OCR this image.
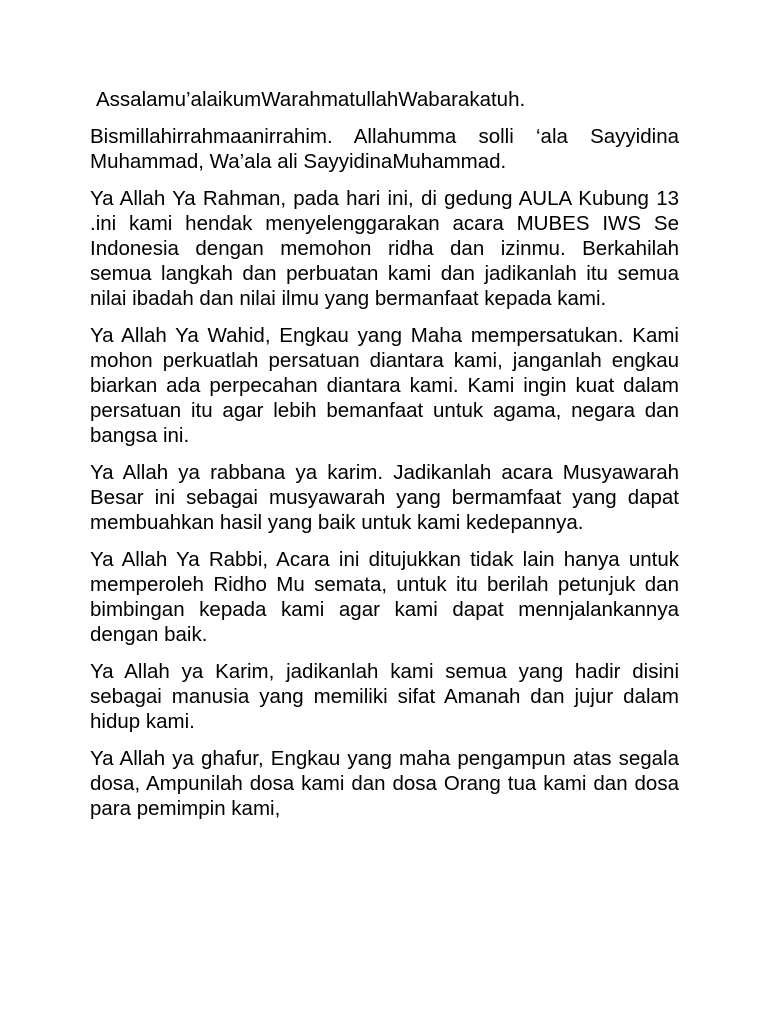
Assalamu’alaikumWarahmatullahWabarakatuh.

Bismillahirrahmaanirrahim. Allahumma solli ‘ala Sayyidina Muhammad, Wa’ala ali SayyidinaMuhammad.

Ya Allah Ya Rahman, pada hari ini, di gedung AULA Kubung 13 .ini kami hendak menyelenggarakan acara MUBES IWS Se Indonesia dengan memohon ridha dan izinmu. Berkahilah semua langkah dan perbuatan kami dan jadikanlah itu semua nilai ibadah dan nilai ilmu yang bermanfaat kepada kami.

Ya Allah Ya Wahid, Engkau yang Maha mempersatukan. Kami mohon perkuatlah persatuan diantara kami, janganlah engkau biarkan ada perpecahan diantara kami. Kami ingin kuat dalam persatuan itu agar lebih bemanfaat untuk agama, negara dan bangsa ini.

Ya Allah ya rabbana ya karim. Jadikanlah acara Musyawarah Besar ini sebagai musyawarah yang bermamfaat yang dapat membuahkan hasil yang baik untuk kami kedepannya.

Ya Allah Ya Rabbi, Acara ini ditujukkan tidak lain hanya untuk memperoleh Ridho Mu semata, untuk itu berilah petunjuk dan bimbingan kepada kami agar kami dapat mennjalankannya dengan baik.

Ya Allah ya Karim, jadikanlah kami semua yang hadir disini sebagai manusia yang memiliki sifat Amanah dan jujur dalam hidup kami.

Ya Allah ya ghafur, Engkau yang maha pengampun atas segala dosa, Ampunilah dosa kami dan dosa Orang tua kami dan dosa para pemimpin kami,
